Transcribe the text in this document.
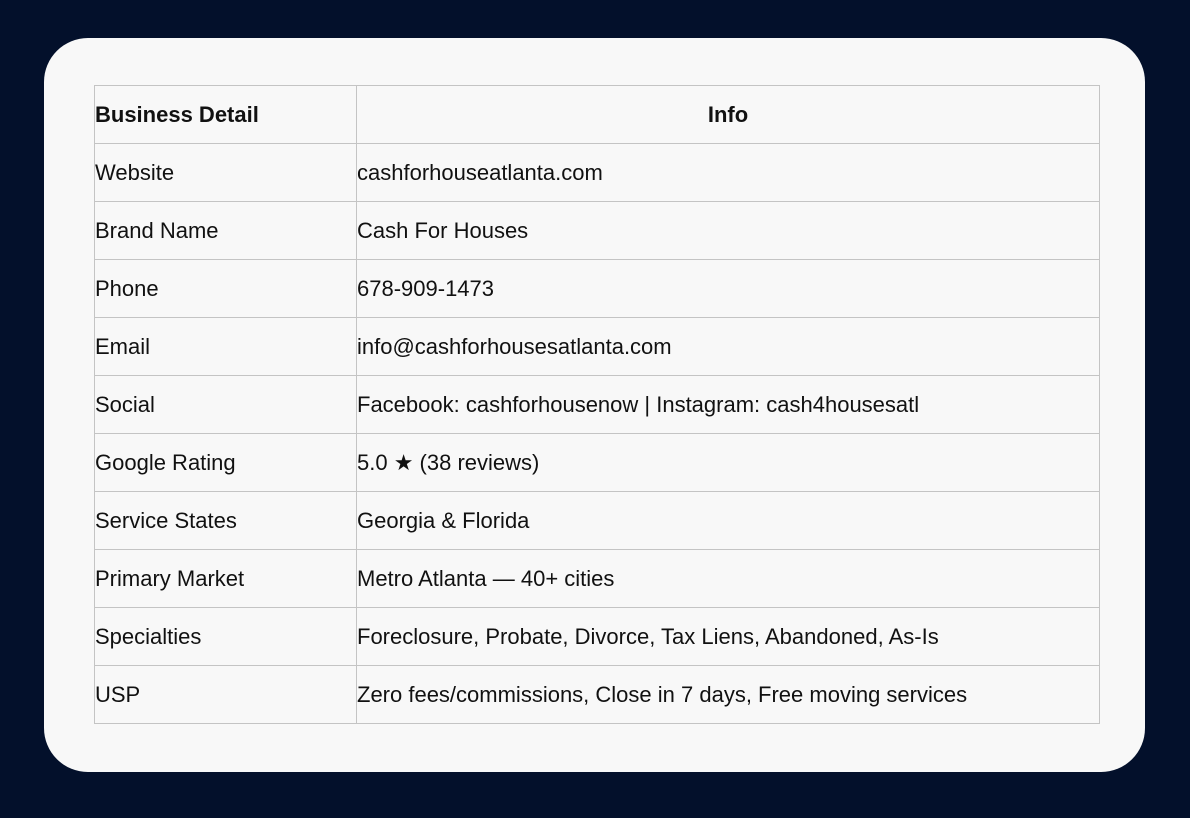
Business Detail	Info
Website	cashforhouseatlanta.com
Brand Name	Cash For Houses
Phone	678-909-1473
Email	info@cashforhousesatlanta.com
Social	Facebook: cashforhousenow | Instagram: cash4housesatl
Google Rating	5.0 ★ (38 reviews)
Service States	Georgia & Florida
Primary Market	Metro Atlanta — 40+ cities
Specialties	Foreclosure, Probate, Divorce, Tax Liens, Abandoned, As-Is
USP	Zero fees/commissions, Close in 7 days, Free moving services
